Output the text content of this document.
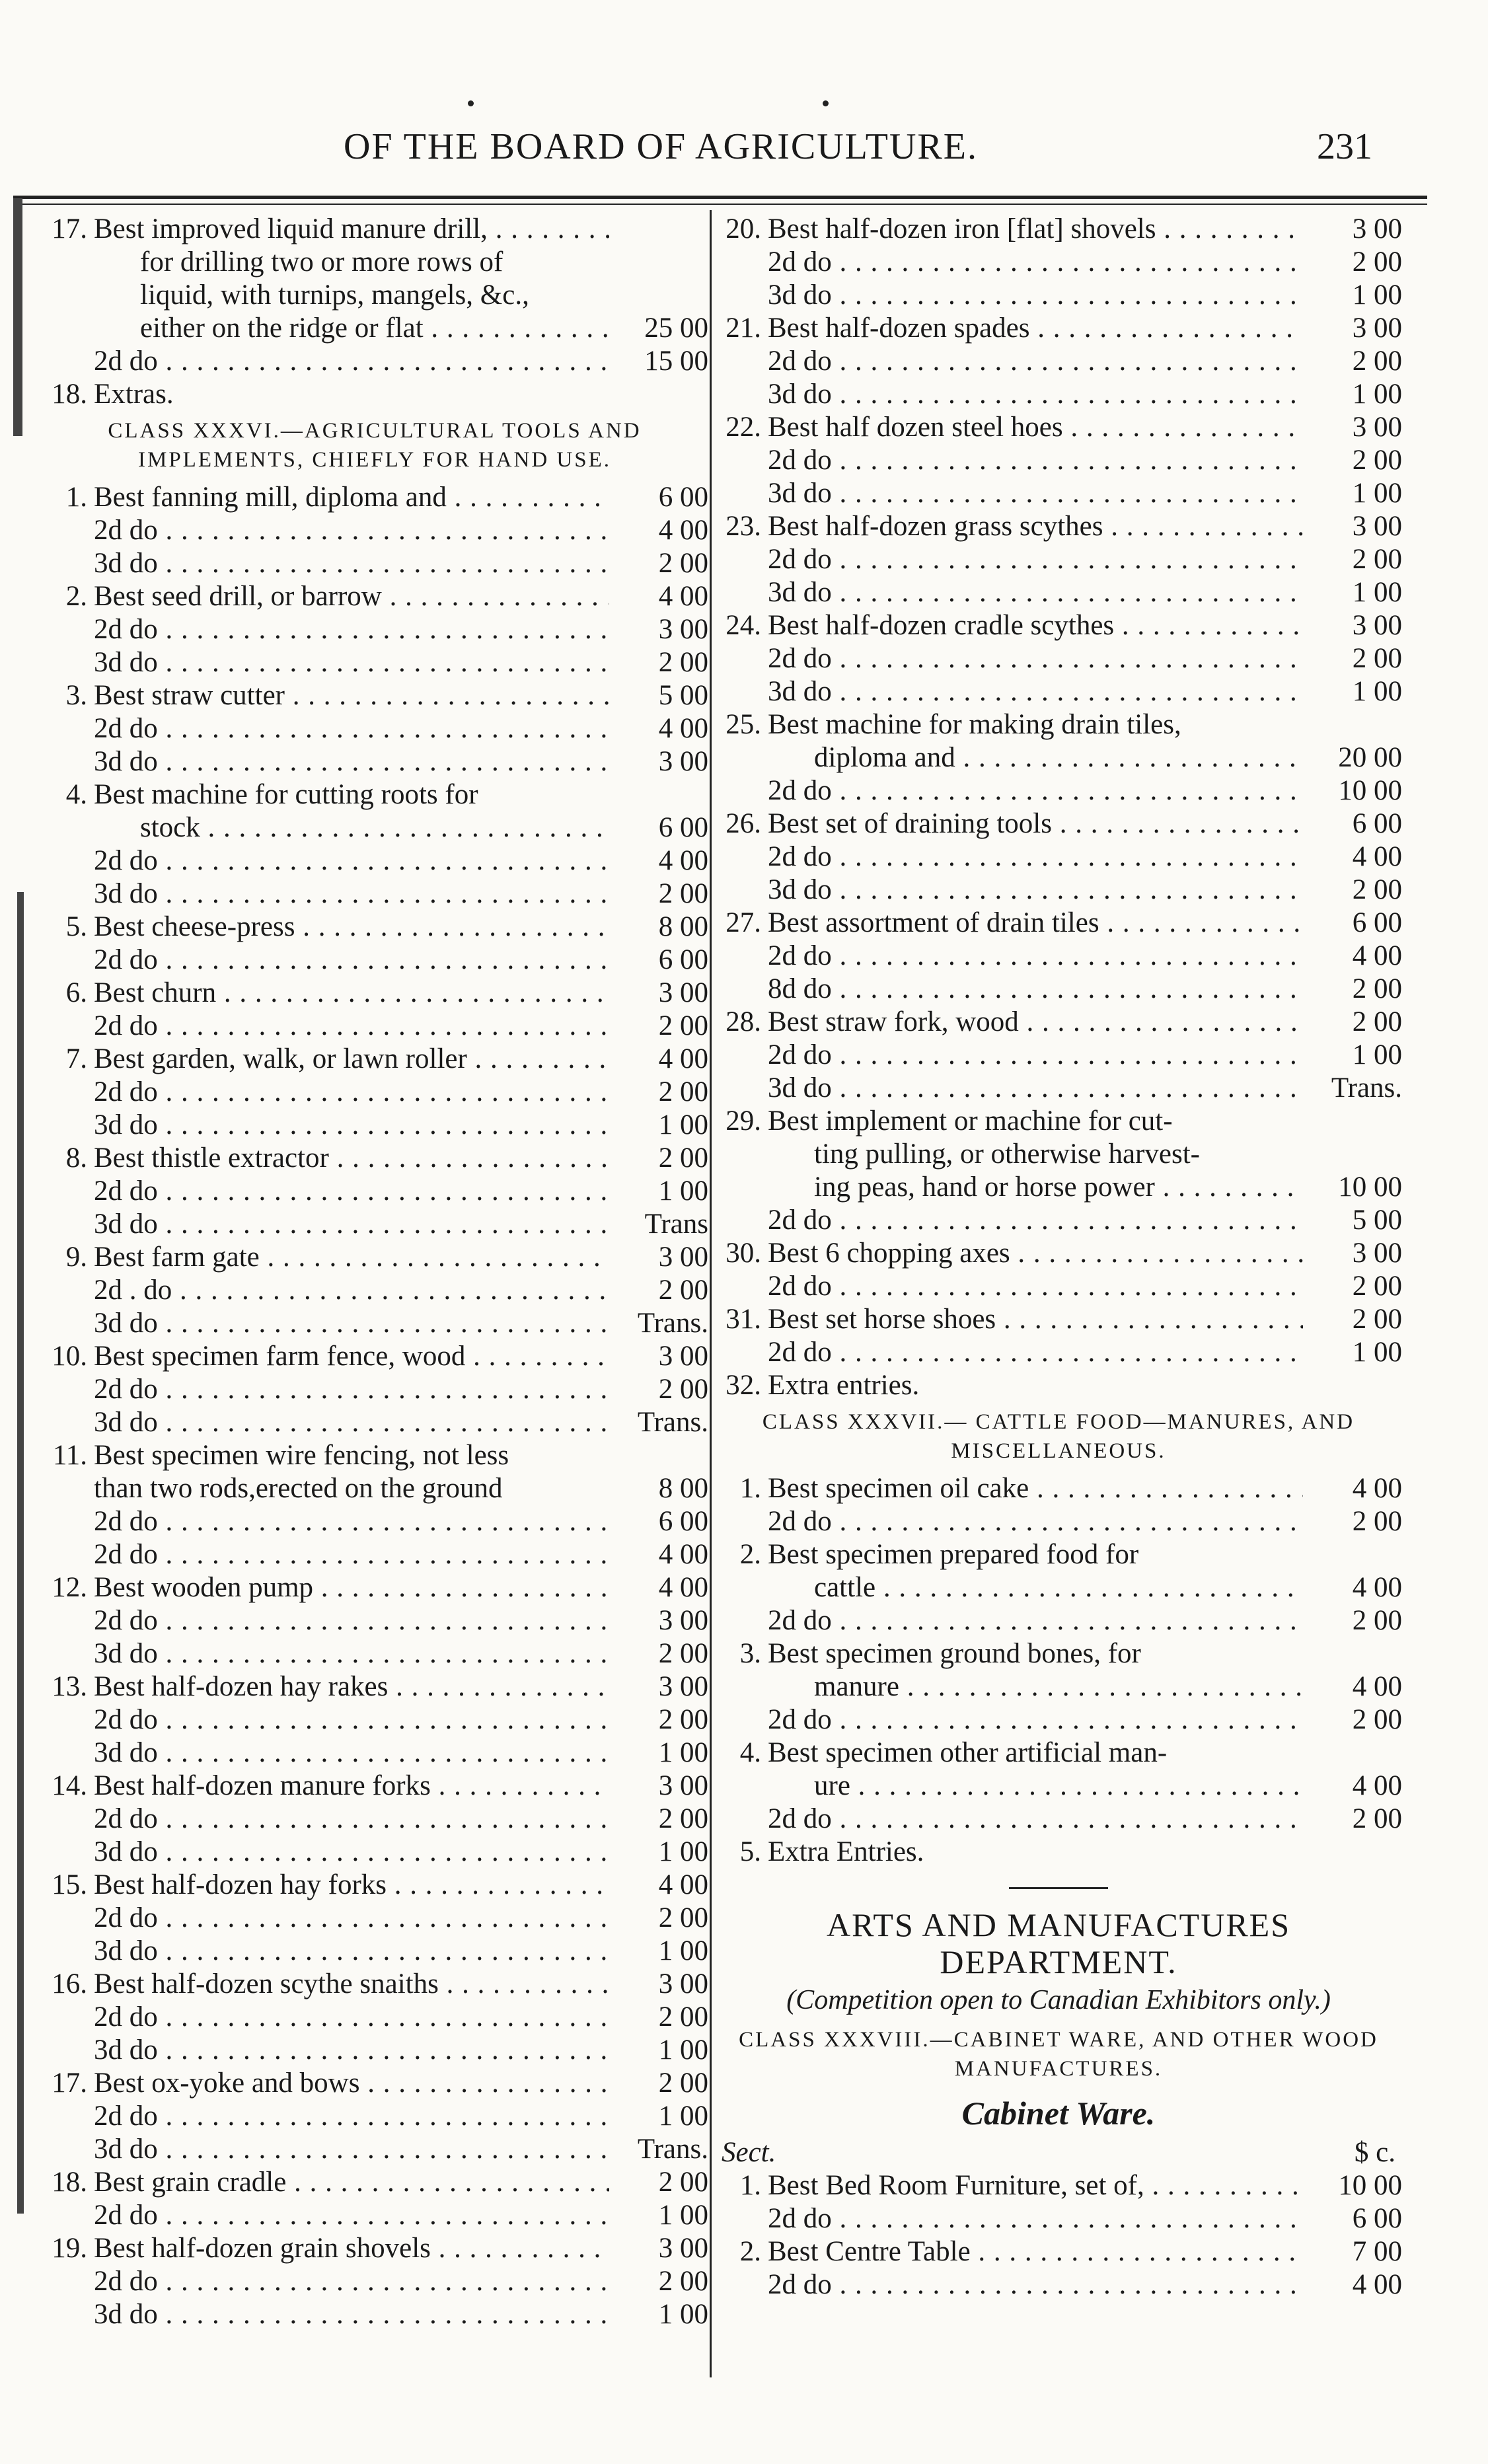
OF THE BOARD OF AGRICULTURE.	231
17. Best improved liquid manure drill, . . .
for drilling two or more rows of
liquid, with turnips, mangels, &c.,
either on the ridge or flat . . .	25 00
2d do . . .	15 00
18. Extras.
CLASS XXXVI.—AGRICULTURAL TOOLS AND IMPLEMENTS, CHIEFLY FOR HAND USE.
1. Best fanning mill, diploma and . . .	6 00
2d do . . .	4 00
3d do . . .	2 00
2. Best seed drill, or barrow . . .	4 00
2d do . . .	3 00
3d do . . .	2 00
3. Best straw cutter . . .	5 00
2d do . . .	4 00
3d do . . .	3 00
4. Best machine for cutting roots for
stock . . .	6 00
2d do . . .	4 00
3d do . . .	2 00
5. Best cheese-press . . .	8 00
2d do . . .	6 00
6. Best churn . . .	3 00
2d do . . .	2 00
7. Best garden, walk, or lawn roller . . .	4 00
2d do . . .	2 00
3d do . . .	1 00
8. Best thistle extractor . . .	2 00
2d do . . .	1 00
3d do . . .	Trans
9. Best farm gate . . .	3 00
2d . do . . .	2 00
3d do . . .	Trans.
10. Best specimen farm fence, wood . . .	3 00
2d do . . .	2 00
3d do . . .	Trans.
11. Best specimen wire fencing, not less
than two rods,erected on the ground	8 00
2d do . . .	6 00
2d do . . .	4 00
12. Best wooden pump . . .	4 00
2d do . . .	3 00
3d do . . .	2 00
13. Best half-dozen hay rakes . . .	3 00
2d do . . .	2 00
3d do . . .	1 00
14. Best half-dozen manure forks . . .	3 00
2d do . . .	2 00
3d do . . .	1 00
15. Best half-dozen hay forks . . .	4 00
2d do . . .	2 00
3d do . . .	1 00
16. Best half-dozen scythe snaiths . . .	3 00
2d do . . .	2 00
3d do . . .	1 00
17. Best ox-yoke and bows . . .	2 00
2d do . . .	1 00
3d do . . .	Trans.
18. Best grain cradle . . .	2 00
2d do . . .	1 00
19. Best half-dozen grain shovels . . .	3 00
2d do . . .	2 00
3d do . . .	1 00
20. Best half-dozen iron [flat] shovels . . .	3 00
2d do . . .	2 00
3d do . . .	1 00
21. Best half-dozen spades . . .	3 00
2d do . . .	2 00
3d do . . .	1 00
22. Best half dozen steel hoes . . .	3 00
2d do . . .	2 00
3d do . . .	1 00
23. Best half-dozen grass scythes . . .	3 00
2d do . . .	2 00
3d do . . .	1 00
24. Best half-dozen cradle scythes . . .	3 00
2d do . . .	2 00
3d do . . .	1 00
25. Best machine for making drain tiles,
diploma and . . .	20 00
2d do . . .	10 00
26. Best set of draining tools . . .	6 00
2d do . . .	4 00
3d do . . .	2 00
27. Best assortment of drain tiles . . .	6 00
2d do . . .	4 00
8d do . . .	2 00
28. Best straw fork, wood . . .	2 00
2d do . . .	1 00
3d do . . .	Trans.
29. Best implement or machine for cut-
ting pulling, or otherwise harvest-
ing peas, hand or horse power . . .	10 00
2d do . . .	5 00
30. Best 6 chopping axes . . .	3 00
2d do . . .	2 00
31. Best set horse shoes . . .	2 00
2d do . . .	1 00
32. Extra entries.
CLASS XXXVII.— CATTLE FOOD—MANURES, AND MISCELLANEOUS.
1. Best specimen oil cake . . .	4 00
2d do . . .	2 00
2. Best specimen prepared food for
cattle . . .	4 00
2d do . . .	2 00
3. Best specimen ground bones, for
manure . . .	4 00
2d do . . .	2 00
4. Best specimen other artificial man-
ure . . .	4 00
2d do . . .	2 00
5. Extra Entries.
ARTS AND MANUFACTURES DEPARTMENT.
(Competition open to Canadian Exhibitors only.)
CLASS XXXVIII.—CABINET WARE, AND OTHER WOOD MANUFACTURES.
Cabinet Ware.
Sect.	$ c.
1. Best Bed Room Furniture, set of, . . .	10 00
2d do . . .	6 00
2. Best Centre Table . . .	7 00
2d do . . .	4 00
